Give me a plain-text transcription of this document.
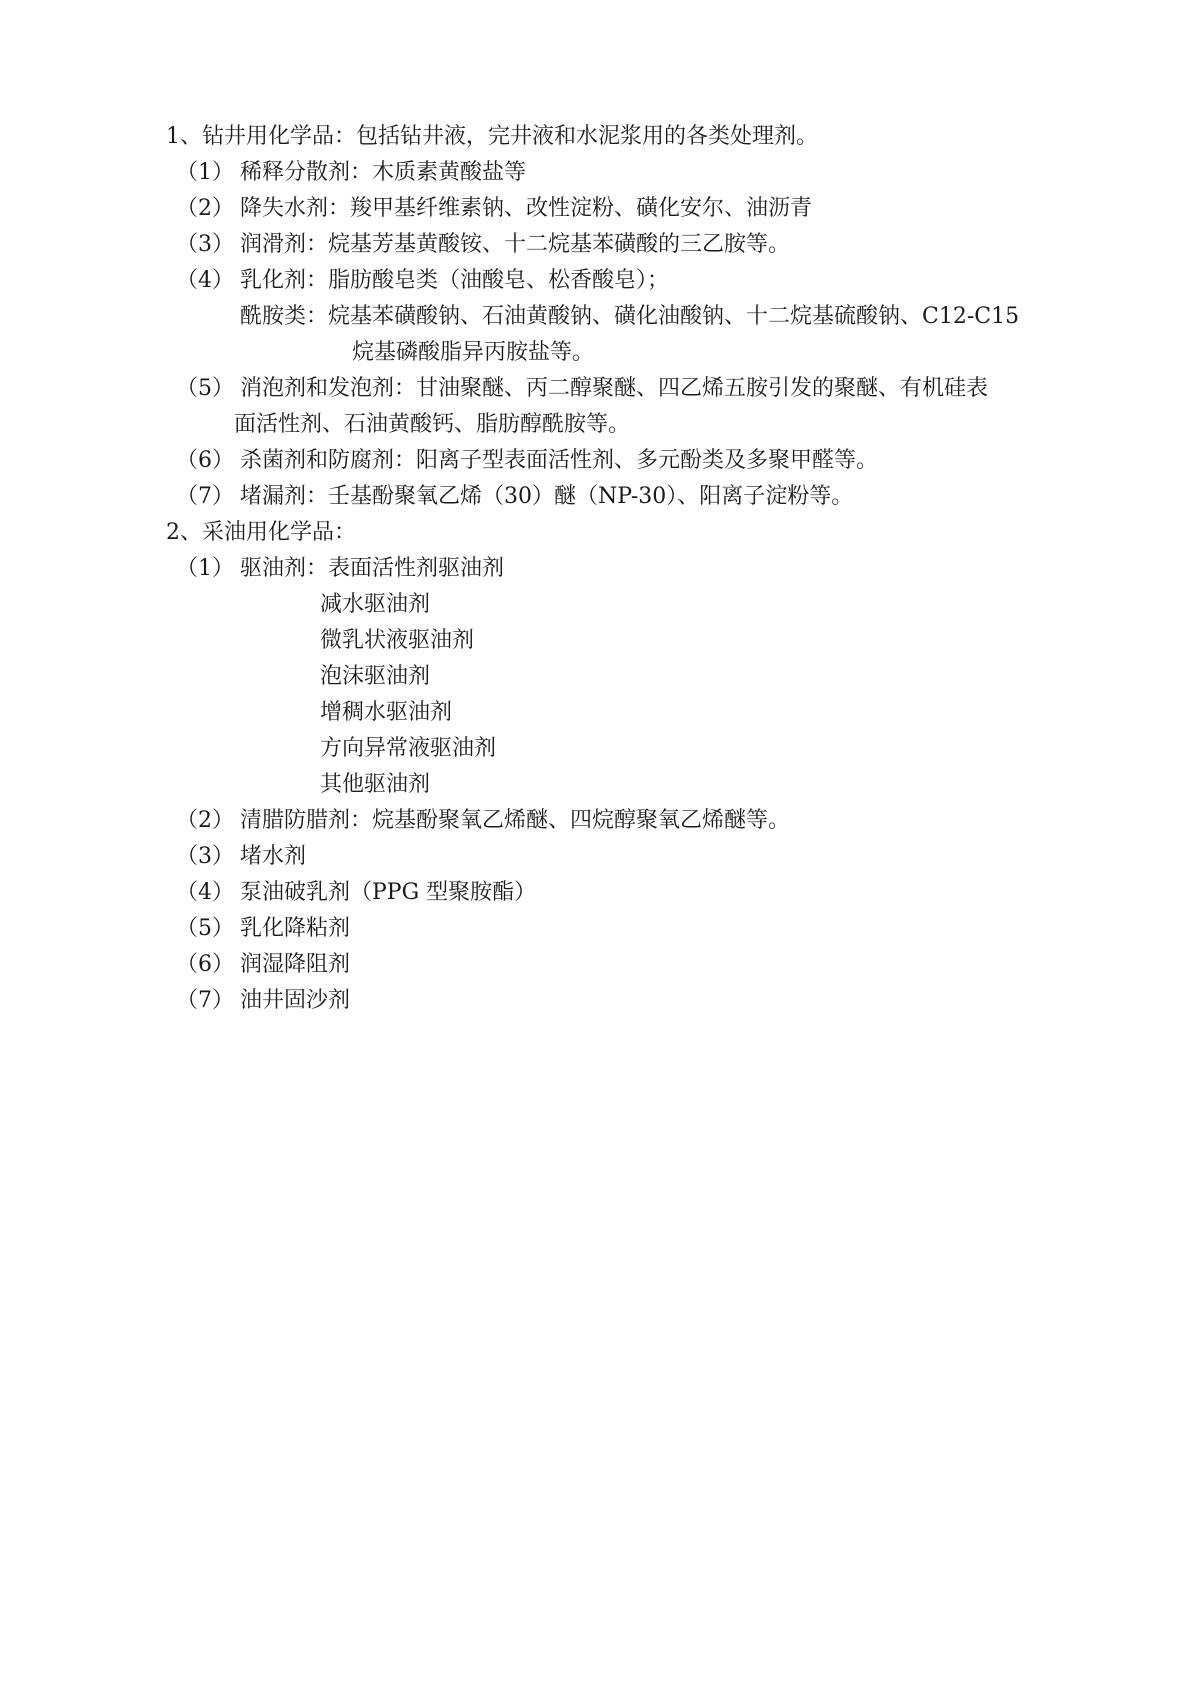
1、钻井用化学品：包括钻井液，完井液和水泥浆用的各类处理剂。
（1） 稀释分散剂：木质素黄酸盐等
（2） 降失水剂：羧甲基纤维素钠、改性淀粉、磺化安尔、油沥青
（3） 润滑剂：烷基芳基黄酸铵、十二烷基苯磺酸的三乙胺等。
（4） 乳化剂：脂肪酸皂类（油酸皂、松香酸皂）；
酰胺类：烷基苯磺酸钠、石油黄酸钠、磺化油酸钠、十二烷基硫酸钠、C12-C15
烷基磷酸脂异丙胺盐等。
（5） 消泡剂和发泡剂：甘油聚醚、丙二醇聚醚、四乙烯五胺引发的聚醚、有机硅表
面活性剂、石油黄酸钙、脂肪醇酰胺等。
（6） 杀菌剂和防腐剂：阳离子型表面活性剂、多元酚类及多聚甲醛等。
（7） 堵漏剂：壬基酚聚氧乙烯（30）醚（NP-30）、阳离子淀粉等。
2、采油用化学品：
（1） 驱油剂：表面活性剂驱油剂
减水驱油剂
微乳状液驱油剂
泡沫驱油剂
增稠水驱油剂
方向异常液驱油剂
其他驱油剂
（2） 清腊防腊剂：烷基酚聚氧乙烯醚、四烷醇聚氧乙烯醚等。
（3） 堵水剂
（4） 泵油破乳剂（PPG 型聚胺酯）
（5） 乳化降粘剂
（6） 润湿降阻剂
（7） 油井固沙剂
